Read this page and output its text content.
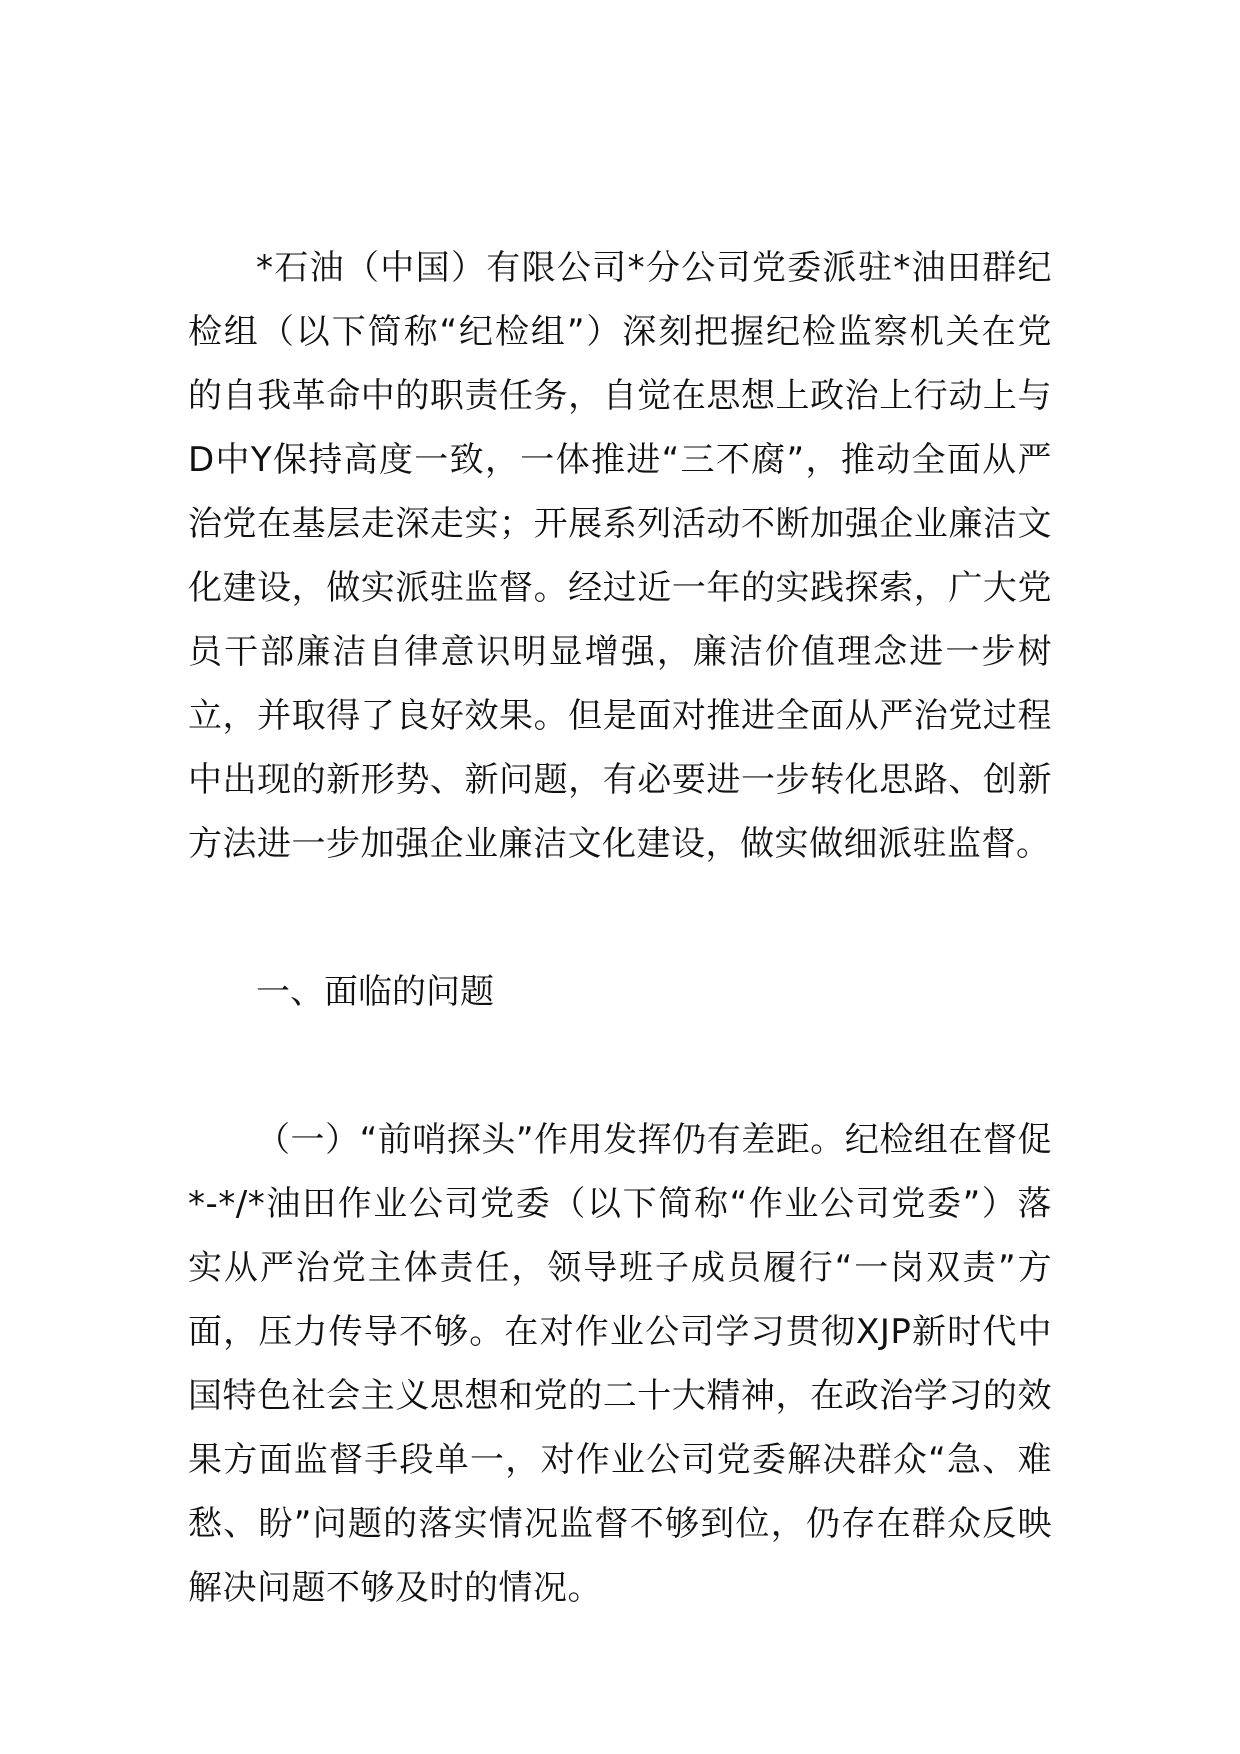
*石油（中国）有限公司*分公司党委派驻*油田群纪检组（以下简称“纪检组”）深刻把握纪检监察机关在党的自我革命中的职责任务，自觉在思想上政治上行动上与D中Y保持高度一致，一体推进“三不腐”，推动全面从严治党在基层走深走实；开展系列活动不断加强企业廉洁文化建设，做实派驻监督。经过近一年的实践探索，广大党员干部廉洁自律意识明显增强，廉洁价值理念进一步树立，并取得了良好效果。但是面对推进全面从严治党过程中出现的新形势、新问题，有必要进一步转化思路、创新方法进一步加强企业廉洁文化建设，做实做细派驻监督。

一、面临的问题

（一）“前哨探头”作用发挥仍有差距。纪检组在督促*-*/*油田作业公司党委（以下简称“作业公司党委”）落实从严治党主体责任，领导班子成员履行“一岗双责”方面，压力传导不够。在对作业公司学习贯彻XJP新时代中国特色社会主义思想和党的二十大精神，在政治学习的效果方面监督手段单一，对作业公司党委解决群众“急、难愁、盼”问题的落实情况监督不够到位，仍存在群众反映解决问题不够及时的情况。
